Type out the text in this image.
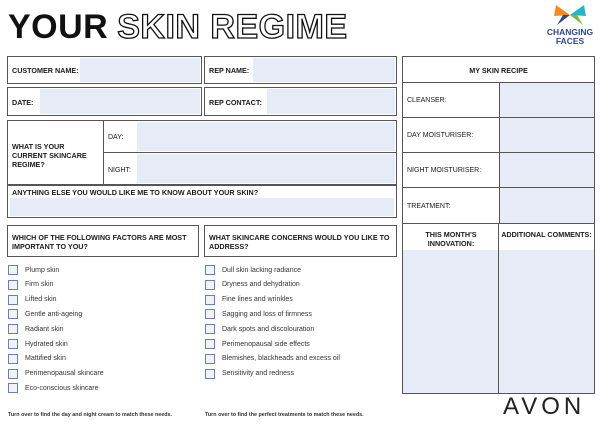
YOUR SKIN REGIME	CHANGING
FACES
CUSTOMER NAME:	REP NAME:
DATE:	REP CONTACT:
WHAT IS YOUR CURRENT SKINCARE REGIME?
DAY:
NIGHT:
ANYTHING ELSE YOU WOULD LIKE ME TO KNOW ABOUT YOUR SKIN?
WHICH OF THE FOLLOWING FACTORS ARE MOST IMPORTANT TO YOU?
WHAT SKINCARE CONCERNS WOULD YOU LIKE TO ADDRESS?
Plump skin
Firm skin
Lifted skin
Gentle anti-ageing
Radiant skin
Hydrated skin
Mattified skin
Perimenopausal skincare
Eco-conscious skincare
Dull skin lacking radiance
Dryness and dehydration
Fine lines and wrinkles
Sagging and loss of firmness
Dark spots and discolouration
Perimenopausal side effects
Blemishes, blackheads and excess oil
Sensitivity and redness
MY SKIN RECIPE
CLEANSER:
DAY MOISTURISER:
NIGHT MOISTURISER:
TREATMENT:
THIS MONTH'S INNOVATION:
ADDITIONAL COMMENTS:
Turn over to find the day and night cream to match these needs.	Turn over to find the perfect treatments to match these needs.	AVON
